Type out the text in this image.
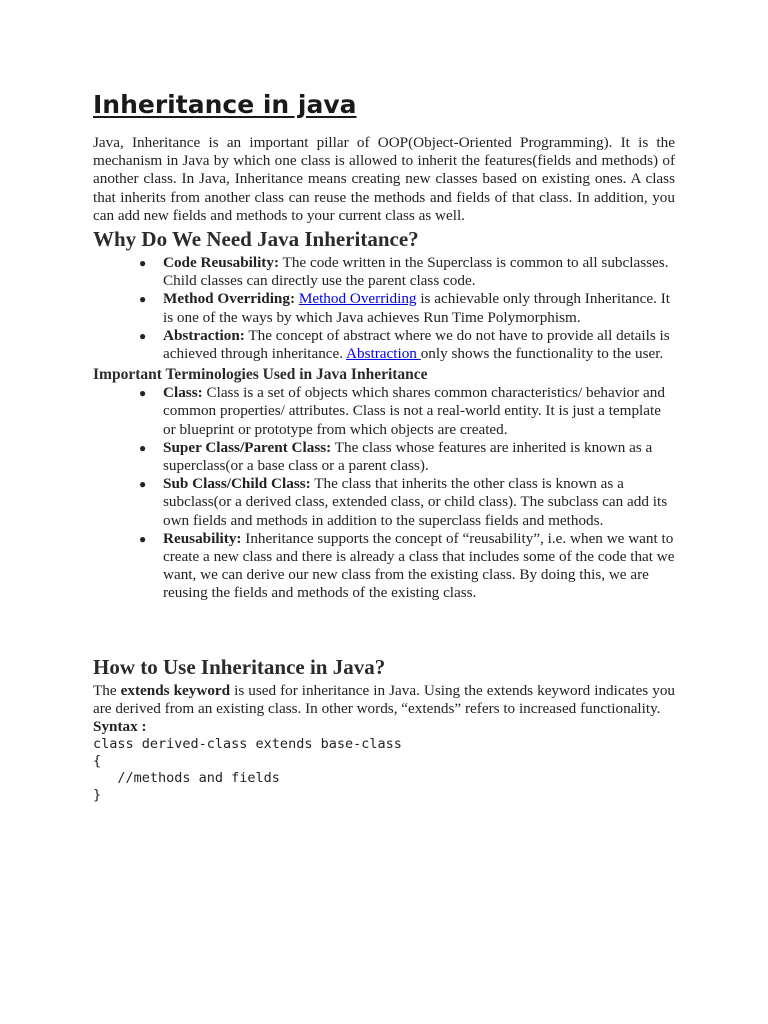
Inheritance in java

Java, Inheritance is an important pillar of OOP(Object-Oriented Programming). It is the mechanism in Java by which one class is allowed to inherit the features(fields and methods) of another class. In Java, Inheritance means creating new classes based on existing ones. A class that inherits from another class can reuse the methods and fields of that class. In addition, you can add new fields and methods to your current class as well.

Why Do We Need Java Inheritance?
● Code Reusability: The code written in the Superclass is common to all subclasses. Child classes can directly use the parent class code.
● Method Overriding: Method Overriding is achievable only through Inheritance. It is one of the ways by which Java achieves Run Time Polymorphism.
● Abstraction: The concept of abstract where we do not have to provide all details is achieved through inheritance. Abstraction only shows the functionality to the user.
Important Terminologies Used in Java Inheritance
● Class: Class is a set of objects which shares common characteristics/ behavior and common properties/ attributes. Class is not a real-world entity. It is just a template or blueprint or prototype from which objects are created.
● Super Class/Parent Class: The class whose features are inherited is known as a superclass(or a base class or a parent class).
● Sub Class/Child Class: The class that inherits the other class is known as a subclass(or a derived class, extended class, or child class). The subclass can add its own fields and methods in addition to the superclass fields and methods.
● Reusability: Inheritance supports the concept of “reusability”, i.e. when we want to create a new class and there is already a class that includes some of the code that we want, we can derive our new class from the existing class. By doing this, we are reusing the fields and methods of the existing class.
How to Use Inheritance in Java?

The extends keyword is used for inheritance in Java. Using the extends keyword indicates you are derived from an existing class. In other words, “extends” refers to increased functionality.

Syntax :

class derived-class extends base-class
{
//methods and fields
}
